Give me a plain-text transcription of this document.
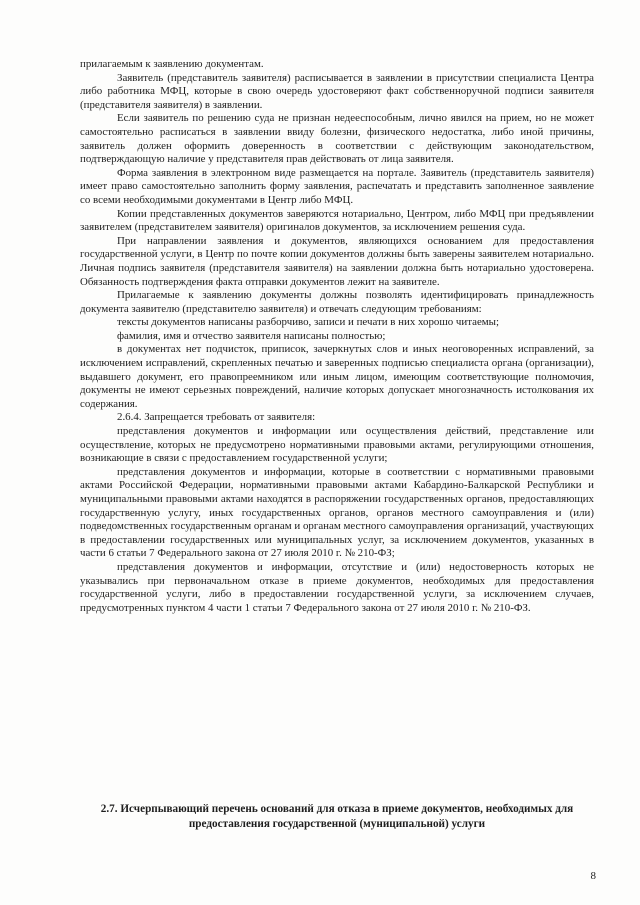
прилагаемым к заявлению документам.

Заявитель (представитель заявителя) расписывается в заявлении в присутствии специалиста Центра либо работника МФЦ, которые в свою очередь удостоверяют факт собственноручной подписи заявителя (представителя заявителя) в заявлении.

Если заявитель по решению суда не признан недееспособным, лично явился на прием, но не может самостоятельно расписаться в заявлении ввиду болезни, физического недостатка, либо иной причины, заявитель должен оформить доверенность в соответствии с действующим законодательством, подтверждающую наличие у представителя прав действовать от лица заявителя.

Форма заявления в электронном виде размещается на портале. Заявитель (представитель заявителя) имеет право самостоятельно заполнить форму заявления, распечатать и представить заполненное заявление со всеми необходимыми документами в Центр либо МФЦ.

Копии представленных документов заверяются нотариально, Центром, либо МФЦ при предъявлении заявителем (представителем заявителя) оригиналов документов, за исключением решения суда.

При направлении заявления и документов, являющихся основанием для предоставления государственной услуги, в Центр по почте копии документов должны быть заверены заявителем нотариально. Личная подпись заявителя (представителя заявителя) на заявлении должна быть нотариально удостоверена. Обязанность подтверждения факта отправки документов лежит на заявителе.

Прилагаемые к заявлению документы должны позволять идентифицировать принадлежность документа заявителю (представителю заявителя) и отвечать следующим требованиям:

тексты документов написаны разборчиво, записи и печати в них хорошо читаемы;

фамилия, имя и отчество заявителя написаны полностью;

в документах нет подчисток, приписок, зачеркнутых слов и иных неоговоренных исправлений, за исключением исправлений, скрепленных печатью и заверенных подписью специалиста органа (организации), выдавшего документ, его правопреемником или иным лицом, имеющим соответствующие полномочия, документы не имеют серьезных повреждений, наличие которых допускает многозначность истолкования их содержания.

2.6.4. Запрещается требовать от заявителя:

представления документов и информации или осуществления действий, представление или осуществление, которых не предусмотрено нормативными правовыми актами, регулирующими отношения, возникающие в связи с предоставлением государственной услуги;

представления документов и информации, которые в соответствии с нормативными правовыми актами Российской Федерации, нормативными правовыми актами Кабардино-Балкарской Республики и муниципальными правовыми актами находятся в распоряжении государственных органов, предоставляющих государственную услугу, иных государственных органов, органов местного самоуправления и (или) подведомственных государственным органам и органам местного самоуправления организаций, участвующих в предоставлении государственных или муниципальных услуг, за исключением документов, указанных в части 6 статьи 7 Федерального закона от 27 июля 2010 г. № 210-ФЗ;

представления документов и информации, отсутствие и (или) недостоверность которых не указывались при первоначальном отказе в приеме документов, необходимых для предоставления государственной услуги, либо в предоставлении государственной услуги, за исключением случаев, предусмотренных пунктом 4 части 1 статьи 7 Федерального закона от 27 июля 2010 г. № 210-ФЗ.

2.7. Исчерпывающий перечень оснований для отказа в приеме документов, необходимых для предоставления государственной (муниципальной) услуги
8
